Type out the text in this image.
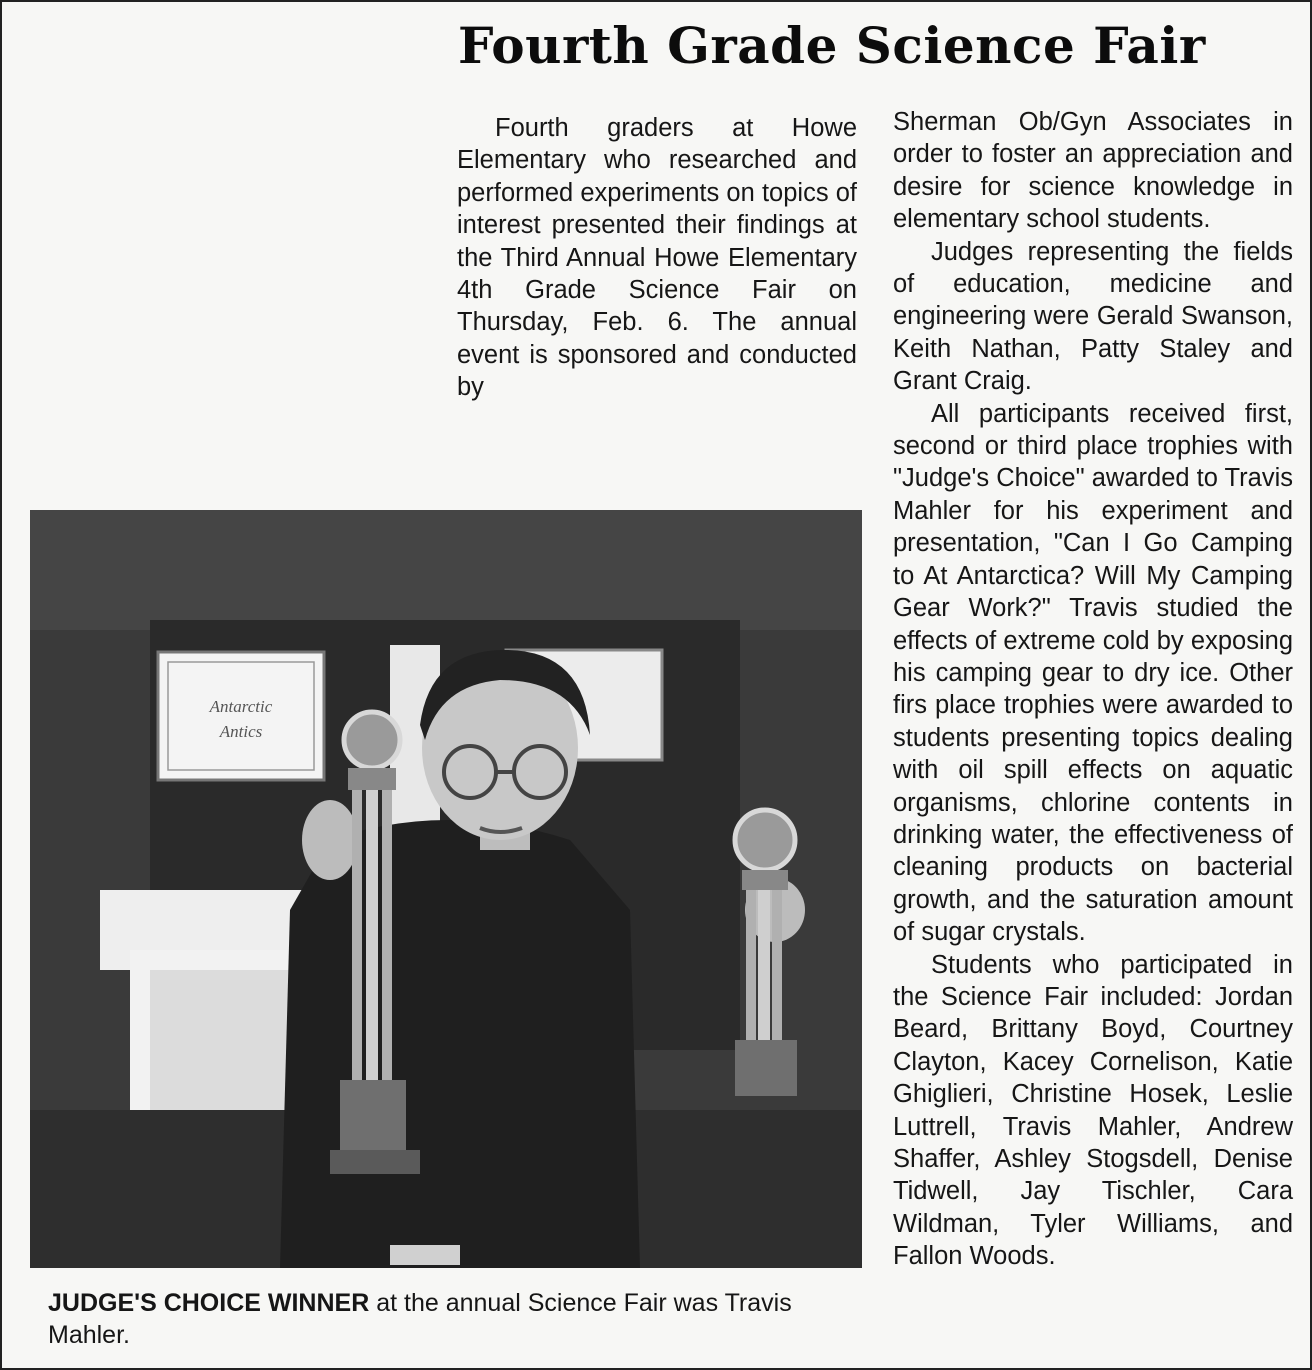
Fourth Grade Science Fair

Fourth graders at Howe Elementary who researched and performed experiments on topics of interest presented their findings at the Third Annual Howe Elementary 4th Grade Science Fair on Thursday, Feb. 6. The annual event is sponsored and conducted by

Sherman Ob/Gyn Associates in order to foster an appreciation and desire for science knowledge in elementary school students.

Judges representing the fields of education, medicine and engineering were Gerald Swanson, Keith Nathan, Patty Staley and Grant Craig.

All participants received first, second or third place trophies with "Judge's Choice" awarded to Travis Mahler for his experiment and presentation, "Can I Go Camping to At Antarctica? Will My Camping Gear Work?" Travis studied the effects of extreme cold by exposing his camping gear to dry ice. Other firs place trophies were awarded to students presenting topics dealing with oil spill effects on aquatic organisms, chlorine contents in drinking water, the effectiveness of cleaning products on bacterial growth, and the saturation amount of sugar crystals.

Students who participated in the Science Fair included: Jordan Beard, Brittany Boyd, Courtney Clayton, Kacey Cornelison, Katie Ghiglieri, Christine Hosek, Leslie Luttrell, Travis Mahler, Andrew Shaffer, Ashley Stogsdell, Denise Tidwell, Jay Tischler, Cara Wildman, Tyler Williams, and Fallon Woods.

Antarctic
Antics
JUDGE'S CHOICE WINNER at the annual Science Fair was Travis Mahler.
